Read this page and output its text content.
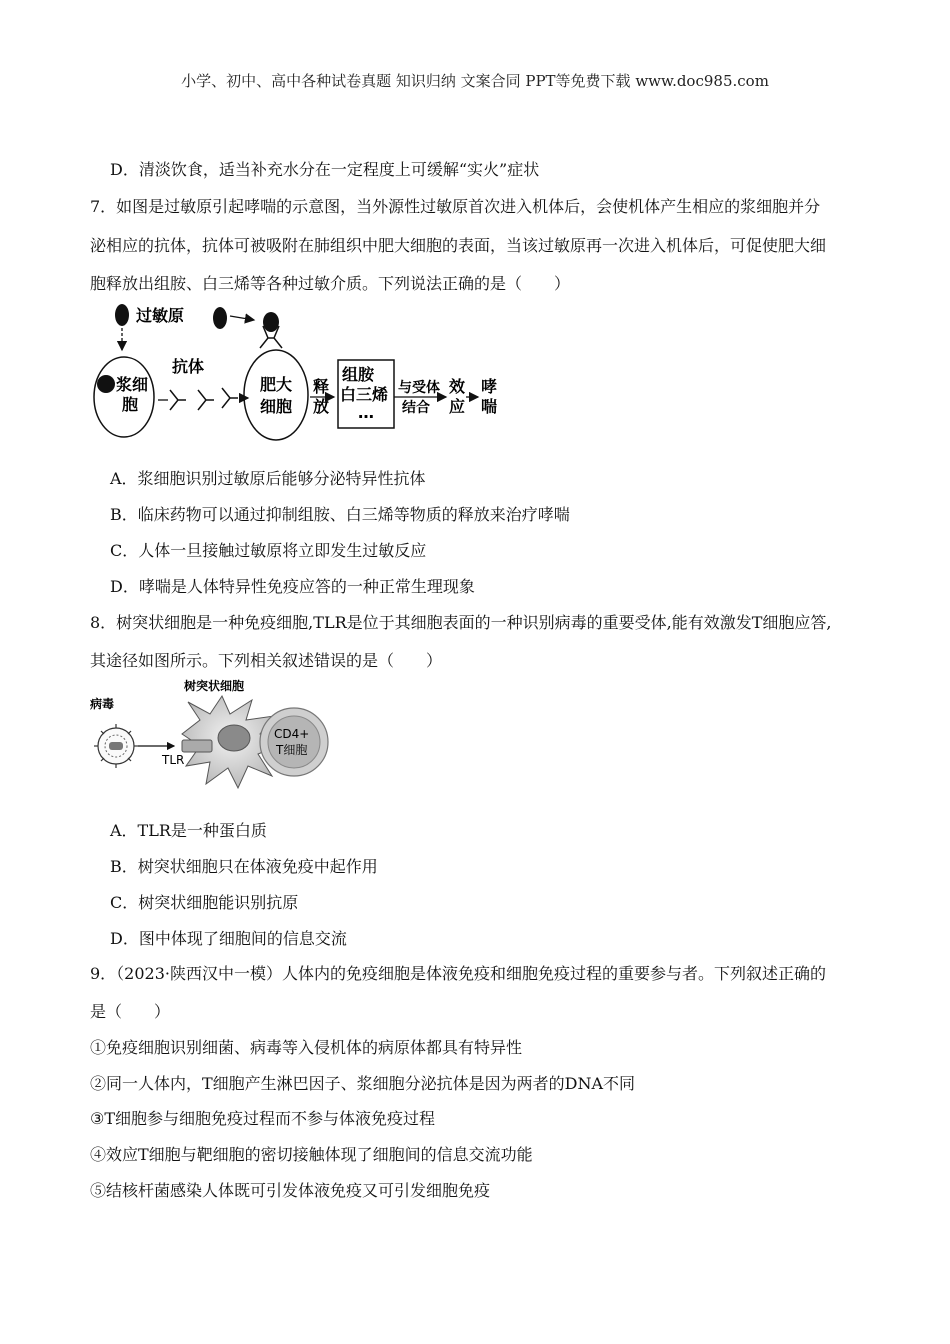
小学、初中、高中各种试卷真题 知识归纳 文案合同 PPT等免费下载 www.doc985.com
D．清淡饮食，适当补充水分在一定程度上可缓解“实火”症状
7．如图是过敏原引起哮喘的示意图，当外源性过敏原首次进入机体后，会使机体产生相应的浆细胞并分
泌相应的抗体，抗体可被吸附在肺组织中肥大细胞的表面，当该过敏原再一次进入机体后，可促使肥大细
胞释放出组胺、白三烯等各种过敏介质。下列说法正确的是（　　）
过敏原
浆细
胞
抗体
肥大
细胞
释
放
组胺
白三烯
…
与受体
结合
效
应
哮
喘
A．浆细胞识别过敏原后能够分泌特异性抗体
B．临床药物可以通过抑制组胺、白三烯等物质的释放来治疗哮喘
C．人体一旦接触过敏原将立即发生过敏反应
D．哮喘是人体特异性免疫应答的一种正常生理现象
8．树突状细胞是一种免疫细胞,TLR是位于其细胞表面的一种识别病毒的重要受体,能有效激发T细胞应答,
其途径如图所示。下列相关叙述错误的是（　　）
病毒
树突状细胞
TLR
CD4+
T细胞
A．TLR是一种蛋白质
B．树突状细胞只在体液免疫中起作用
C．树突状细胞能识别抗原
D．图中体现了细胞间的信息交流
9．（2023·陕西汉中一模）人体内的免疫细胞是体液免疫和细胞免疫过程的重要参与者。下列叙述正确的
是（　　）
①免疫细胞识别细菌、病毒等入侵机体的病原体都具有特异性
②同一人体内，T细胞产生淋巴因子、浆细胞分泌抗体是因为两者的DNA不同
③T细胞参与细胞免疫过程而不参与体液免疫过程
④效应T细胞与靶细胞的密切接触体现了细胞间的信息交流功能
⑤结核杆菌感染人体既可引发体液免疫又可引发细胞免疫
